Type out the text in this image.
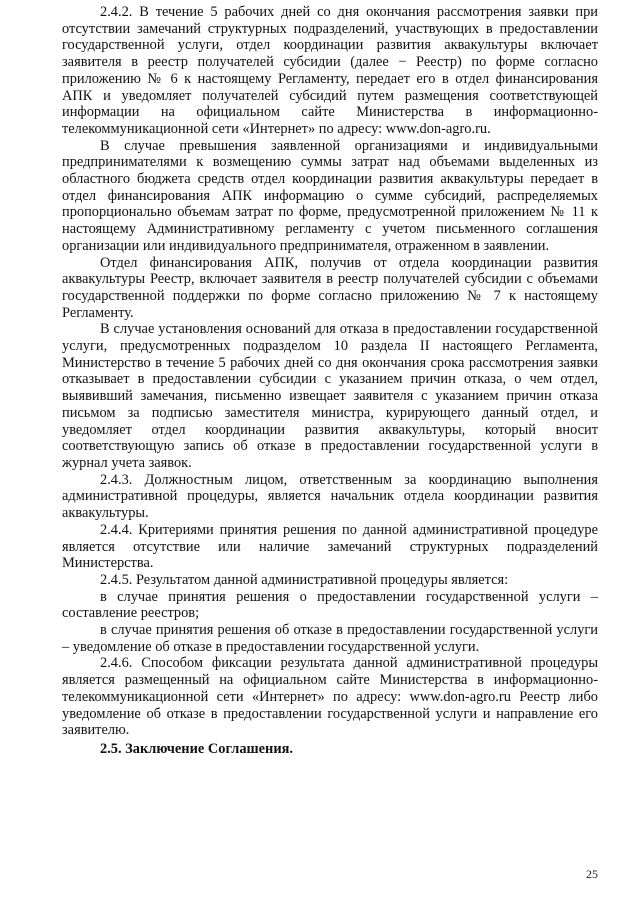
2.4.2. В течение 5 рабочих дней со дня окончания рассмотрения заявки при отсутствии замечаний структурных подразделений, участвующих в предоставлении государственной услуги, отдел координации развития аквакультуры включает заявителя в реестр получателей субсидии (далее − Реестр) по форме согласно приложению № 6 к настоящему Регламенту, передает его в отдел финансирования АПК и уведомляет получателей субсидий путем размещения соответствующей информации на официальном сайте Министерства в информационно-телекоммуникационной сети «Интернет» по адресу: www.don-agro.ru.

В случае превышения заявленной организациями и индивидуальными предпринимателями к возмещению суммы затрат над объемами выделенных из областного бюджета средств отдел координации развития аквакультуры передает в отдел финансирования АПК информацию о сумме субсидий, распределяемых пропорционально объемам затрат по форме, предусмотренной приложением № 11 к настоящему Административному регламенту с учетом письменного соглашения организации или индивидуального предпринимателя, отраженном в заявлении.

Отдел финансирования АПК, получив от отдела координации развития аквакультуры Реестр, включает заявителя в реестр получателей субсидии с объемами государственной поддержки по форме согласно приложению № 7 к настоящему Регламенту.

В случае установления оснований для отказа в предоставлении государственной услуги, предусмотренных подразделом 10 раздела II настоящего Регламента, Министерство в течение 5 рабочих дней со дня окончания срока рассмотрения заявки отказывает в предоставлении субсидии с указанием причин отказа, о чем отдел, выявивший замечания, письменно извещает заявителя с указанием причин отказа письмом за подписью заместителя министра, курирующего данный отдел, и уведомляет отдел координации развития аквакультуры, который вносит соответствующую запись об отказе в предоставлении государственной услуги в журнал учета заявок.

2.4.3. Должностным лицом, ответственным за координацию выполнения административной процедуры, является начальник отдела координации развития аквакультуры.

2.4.4. Критериями принятия решения по данной административной процедуре является отсутствие или наличие замечаний структурных подразделений Министерства.

2.4.5. Результатом данной административной процедуры является:

в случае принятия решения о предоставлении государственной услуги – составление реестров;

в случае принятия решения об отказе в предоставлении государственной услуги – уведомление об отказе в предоставлении государственной услуги.

2.4.6. Способом фиксации результата данной административной процедуры является размещенный на официальном сайте Министерства в информационно-телекоммуникационной сети «Интернет» по адресу: www.don-agro.ru Реестр либо уведомление об отказе в предоставлении государственной услуги и направление его заявителю.

2.5. Заключение Соглашения.

25
